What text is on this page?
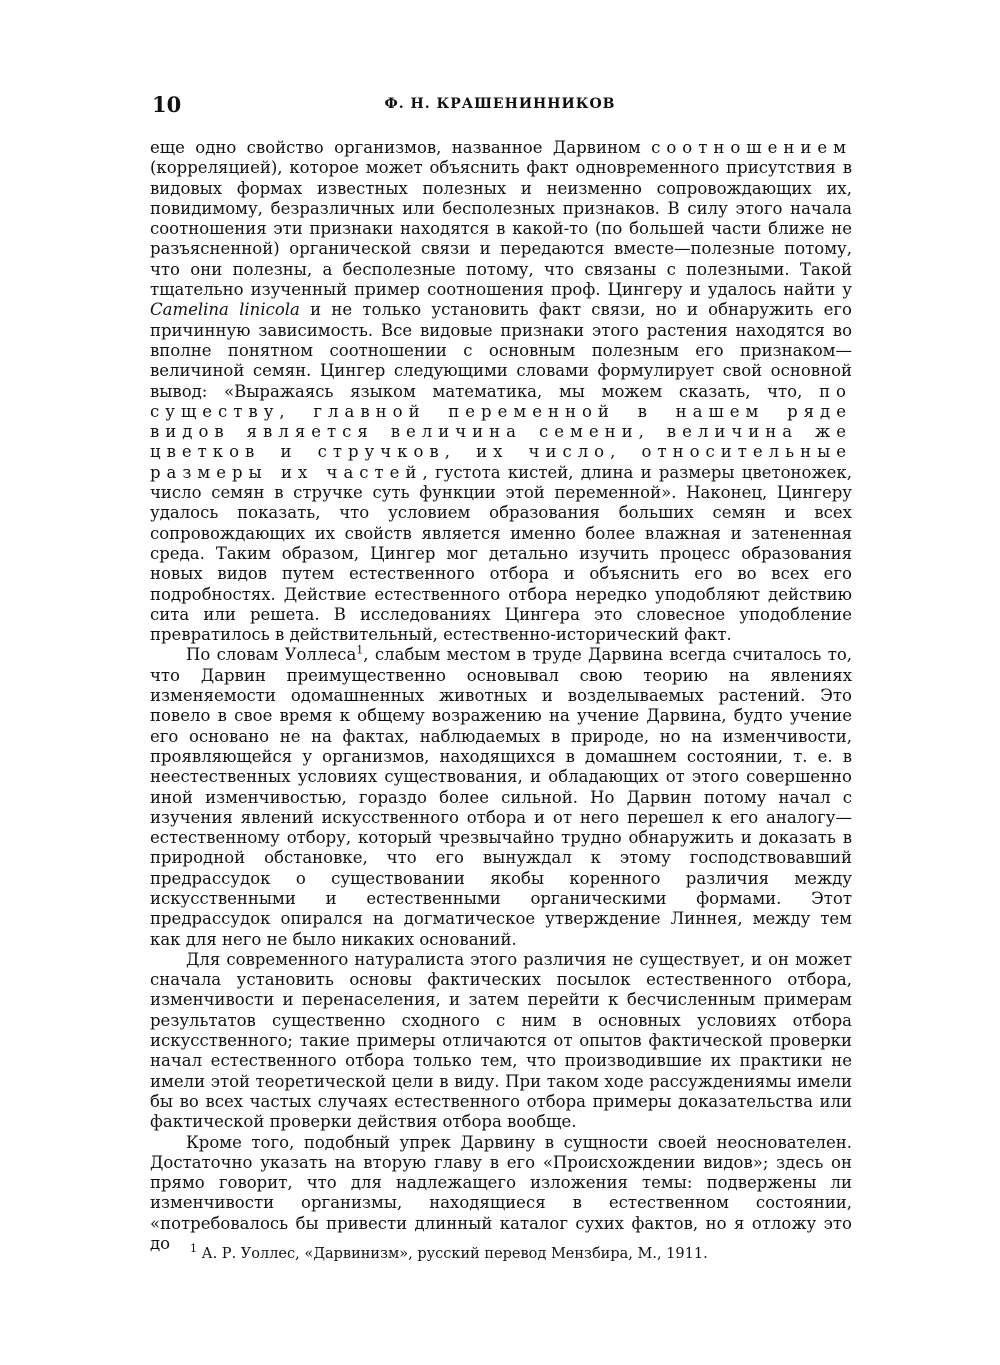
10	Ф. Н. КРАШЕНИННИКОВ

еще одно свойство организмов, названное Дарвином соотношением (корреляцией), которое может объяснить факт одновременного присутствия в видовых формах известных полезных и неизменно сопровождающих их, повидимому, безразличных или бесполезных признаков. В силу этого начала соотношения эти признаки находятся в какой-то (по большей части ближе не разъясненной) органической связи и передаются вместе—полезные потому, что они полезны, а бесполезные потому, что связаны с полезными. Такой тщательно изученный пример соотношения проф. Цингеру и удалось найти у Camelina linicola и не только установить факт связи, но и обнаружить его причинную зависимость. Все видовые признаки этого растения находятся во вполне понятном соотношении с основным полезным его признаком—величиной семян. Цингер следующими словами формулирует свой основной вывод: «Выражаясь языком математика, мы можем сказать, что, по существу, главной переменной в нашем ряде видов является величина семени, величина же цветков и стручков, их число, относительные размеры их частей, густота кистей, длина и размеры цветоножек, число семян в стручке суть функции этой переменной». Наконец, Цингеру удалось показать, что условием образования больших семян и всех сопровождающих их свойств является именно более влажная и затененная среда. Таким образом, Цингер мог детально изучить процесс образования новых видов путем естественного отбора и объяснить его во всех его подробностях. Действие естественного отбора нередко уподобляют действию сита или решета. В исследованиях Цингера это словесное уподобление превратилось в действительный, естественно-исторический факт.

По словам Уоллеса$^1$, слабым местом в труде Дарвина всегда считалось то, что Дарвин преимущественно основывал свою теорию на явлениях изменяемости одомашненных животных и возделываемых растений. Это повело в свое время к общему возражению на учение Дарвина, будто учение его основано не на фактах, наблюдаемых в природе, но на изменчивости, проявляющейся у организмов, находящихся в домашнем состоянии, т. е. в неестественных условиях существования, и обладающих от этого совершенно иной изменчивостью, гораздо более сильной. Но Дарвин потому начал с изучения явлений искусственного отбора и от него перешел к его аналогу—естественному отбору, который чрезвычайно трудно обнаружить и доказать в природной обстановке, что его вынуждал к этому господствовавший предрассудок о существовании якобы коренного различия между искусственными и естественными органическими формами. Этот предрассудок опирался на догматическое утверждение Линнея, между тем как для него не было никаких оснований.

Для современного натуралиста этого различия не существует, и он может сначала установить основы фактических посылок естественного отбора, изменчивости и перенаселения, и затем перейти к бесчисленным примерам результатов существенно сходного с ним в основных условиях отбора искусственного; такие примеры отличаются от опытов фактической проверки начал естественного отбора только тем, что производившие их практики не имели этой теоретической цели в виду. При таком ходе рассуждениямы имели бы во всех частых случаях естественного отбора примеры доказательства или фактической проверки действия отбора вообще.

Кроме того, подобный упрек Дарвину в сущности своей неоснователен. Достаточно указать на вторую главу в его «Происхождении видов»; здесь он прямо говорит, что для надлежащего изложения темы: подвержены ли изменчивости организмы, находящиеся в естественном состоянии, «потребовалось бы привести длинный каталог сухих фактов, но я отложу это до	$^1$ А. Р. Уоллес, «Дарвинизм», русский перевод Мензбира, М., 1911.
